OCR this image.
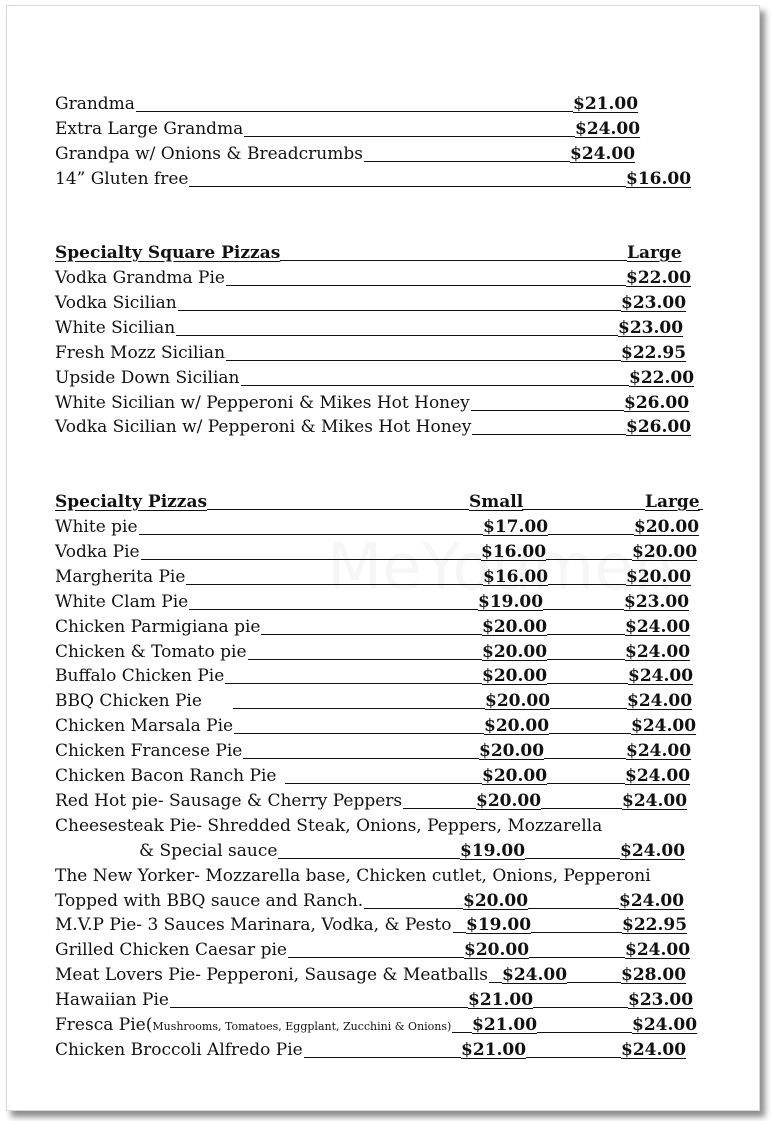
Grandma	$21.00
Extra Large Grandma	$24.00
Grandpa w/ Onions & Breadcrumbs	$24.00
14” Gluten free	$16.00
Specialty Square Pizzas	Large
Vodka Grandma Pie	$22.00
Vodka Sicilian	$23.00
White Sicilian	$23.00
Fresh Mozz Sicilian	$22.95
Upside Down Sicilian	$22.00
White Sicilian w/ Pepperoni & Mikes Hot Honey	$26.00
Vodka Sicilian w/ Pepperoni & Mikes Hot Honey	$26.00
Specialty Pizzas	Small	Large
White pie	$17.00	$20.00
Vodka Pie	$16.00	$20.00
Margherita Pie	$16.00	$20.00
White Clam Pie	$19.00	$23.00
Chicken Parmigiana pie	$20.00	$24.00
Chicken & Tomato pie	$20.00	$24.00
Buffalo Chicken Pie	$20.00	$24.00
BBQ Chicken Pie	$20.00	$24.00
Chicken Marsala Pie	$20.00	$24.00
Chicken Francese Pie	$20.00	$24.00
Chicken Bacon Ranch Pie	$20.00	$24.00
Red Hot pie- Sausage & Cherry Peppers	$20.00	$24.00
Cheesesteak Pie- Shredded Steak, Onions, Peppers, Mozzarella
& Special sauce	$19.00	$24.00
The New Yorker- Mozzarella base, Chicken cutlet, Onions, Pepperoni
Topped with BBQ sauce and Ranch.	$20.00	$24.00
M.V.P Pie- 3 Sauces Marinara, Vodka, & Pesto $19.00	$22.95
Grilled Chicken Caesar pie	$20.00	$24.00
Meat Lovers Pie- Pepperoni, Sausage & Meatballs $24.00	$28.00
Hawaiian Pie	$21.00	$23.00
Fresca Pie(Mushrooms, Tomatoes, Eggplant, Zucchini & Onions) $21.00	$24.00
Chicken Broccoli Alfredo Pie	$21.00	$24.00
